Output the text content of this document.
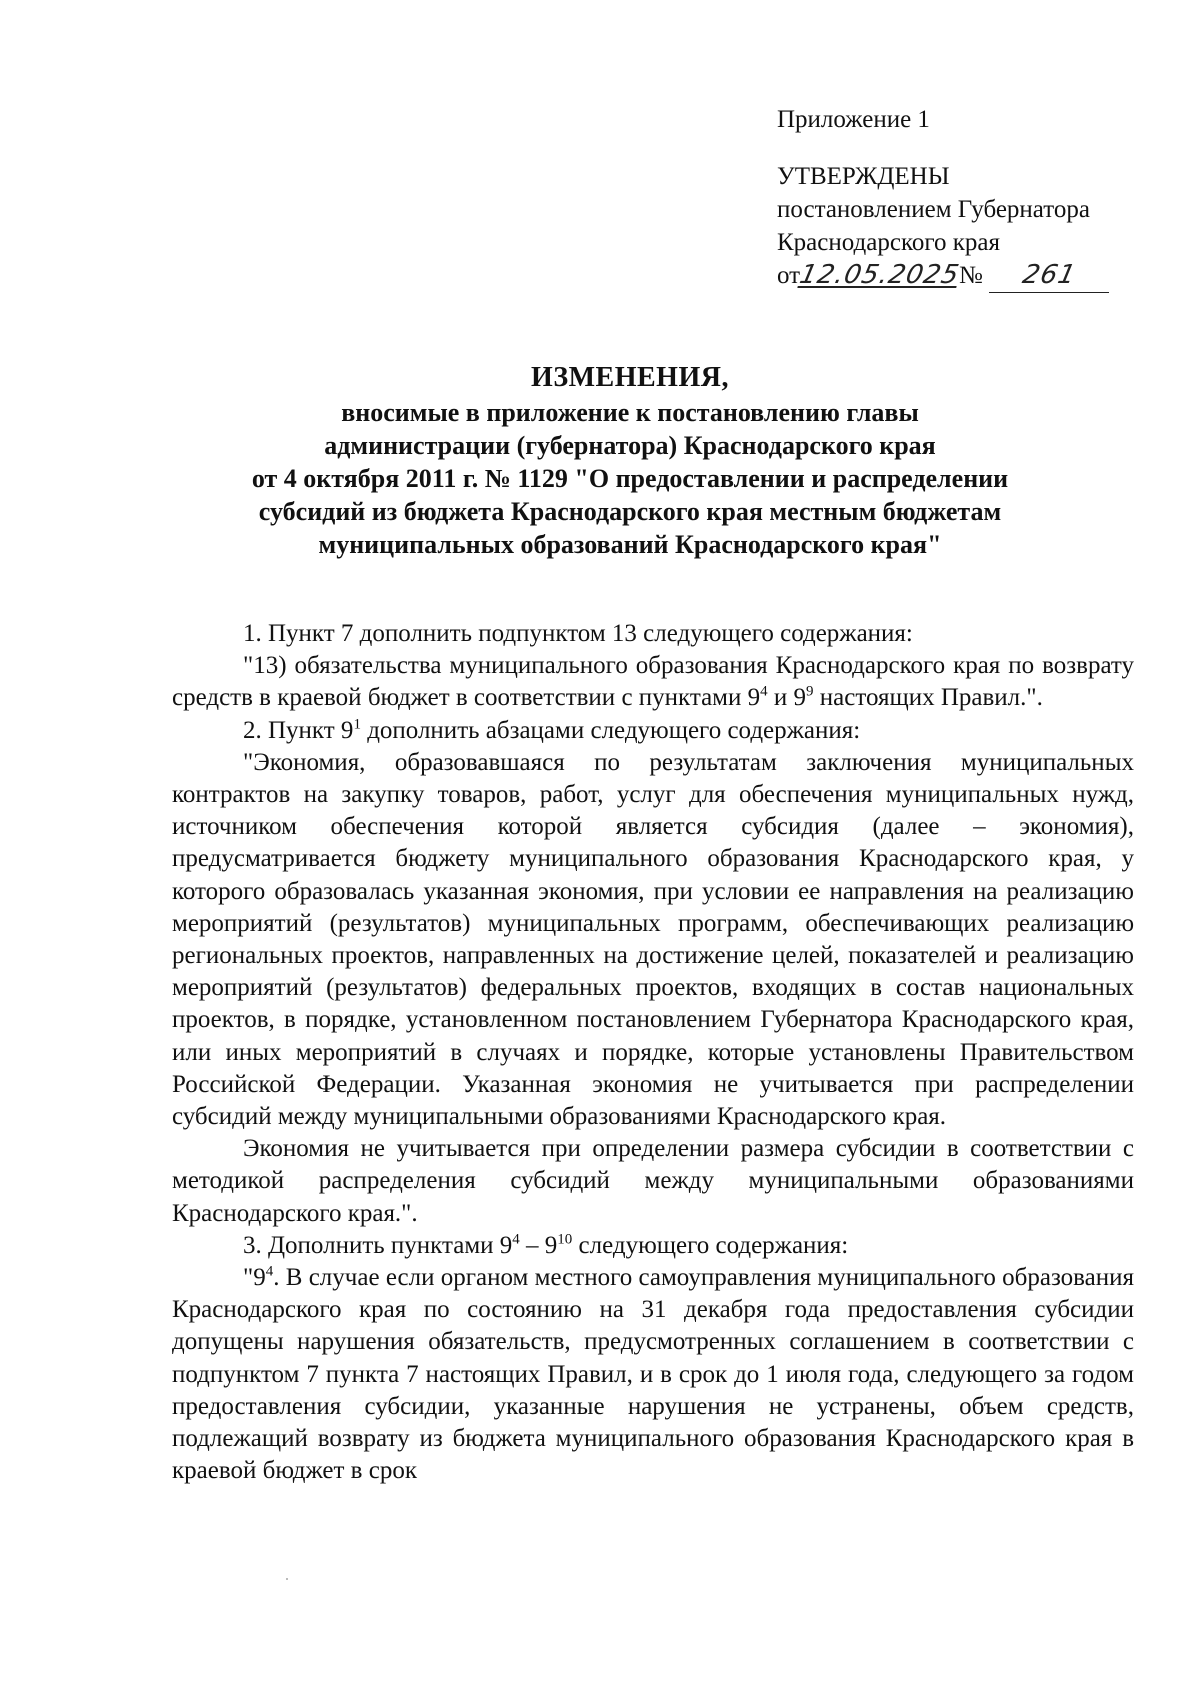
Приложение 1
УТВЕРЖДЕНЫ
постановлением Губернатора
Краснодарского края
от12.05.2025№ 261
ИЗМЕНЕНИЯ,
вносимые в приложение к постановлению главы
администрации (губернатора) Краснодарского края
от 4 октября 2011 г. № 1129 "О предоставлении и распределении
субсидий из бюджета Краснодарского края местным бюджетам
муниципальных образований Краснодарского края"

1. Пункт 7 дополнить подпунктом 13 следующего содержания:

"13) обязательства муниципального образования Краснодарского края по возврату средств в краевой бюджет в соответствии с пунктами $9^4$ и $9^9$ настоящих Правил.".

2. Пункт $9^1$ дополнить абзацами следующего содержания:

"Экономия, образовавшаяся по результатам заключения муниципальных контрактов на закупку товаров, работ, услуг для обеспечения муниципальных нужд, источником обеспечения которой является субсидия (далее – экономия), предусматривается бюджету муниципального образования Краснодарского края, у которого образовалась указанная экономия, при условии ее направления на реализацию мероприятий (результатов) муниципальных программ, обеспечивающих реализацию региональных проектов, направленных на достижение целей, показателей и реализацию мероприятий (результатов) федеральных проектов, входящих в состав национальных проектов, в порядке, установленном постановлением Губернатора Краснодарского края, или иных мероприятий в случаях и порядке, которые установлены Правительством Российской Федерации. Указанная экономия не учитывается при распределении субсидий между муниципальными образованиями Краснодарского края.

Экономия не учитывается при определении размера субсидии в соответствии с методикой распределения субсидий между муниципальными образованиями Краснодарского края.".

3. Дополнить пунктами $9^4 - 9^{10}$ следующего содержания:

"$9^4$. В случае если органом местного самоуправления муниципального образования Краснодарского края по состоянию на 31 декабря года предоставления субсидии допущены нарушения обязательств, предусмотренных соглашением в соответствии с подпунктом 7 пункта 7 настоящих Правил, и в срок до 1 июля года, следующего за годом предоставления субсидии, указанные нарушения не устранены, объем средств, подлежащий возврату из бюджета муниципального образования Краснодарского края в краевой бюджет в срок
